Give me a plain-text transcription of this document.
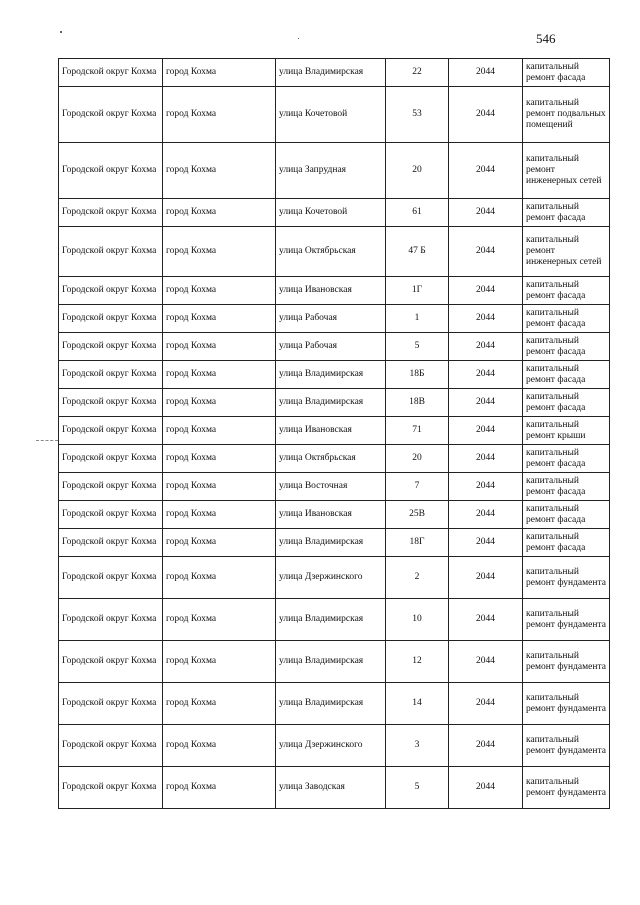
546
Городской округ Кохма	город Кохма	улица Владимирская	22	2044	капитальный ремонт фасада
Городской округ Кохма	город Кохма	улица Кочетовой	53	2044	капитальный ремонт подвальных помещений
Городской округ Кохма	город Кохма	улица Запрудная	20	2044	капитальный ремонт инженерных сетей
Городской округ Кохма	город Кохма	улица Кочетовой	61	2044	капитальный ремонт фасада
Городской округ Кохма	город Кохма	улица Октябрьская	47 Б	2044	капитальный ремонт инженерных сетей
Городской округ Кохма	город Кохма	улица Ивановская	1Г	2044	капитальный ремонт фасада
Городской округ Кохма	город Кохма	улица Рабочая	1	2044	капитальный ремонт фасада
Городской округ Кохма	город Кохма	улица Рабочая	5	2044	капитальный ремонт фасада
Городской округ Кохма	город Кохма	улица Владимирская	18Б	2044	капитальный ремонт фасада
Городской округ Кохма	город Кохма	улица Владимирская	18В	2044	капитальный ремонт фасада
Городской округ Кохма	город Кохма	улица Ивановская	71	2044	капитальный ремонт крыши
Городской округ Кохма	город Кохма	улица Октябрьская	20	2044	капитальный ремонт фасада
Городской округ Кохма	город Кохма	улица Восточная	7	2044	капитальный ремонт фасада
Городской округ Кохма	город Кохма	улица Ивановская	25В	2044	капитальный ремонт фасада
Городской округ Кохма	город Кохма	улица Владимирская	18Г	2044	капитальный ремонт фасада
Городской округ Кохма	город Кохма	улица Дзержинского	2	2044	капитальный ремонт фундамента
Городской округ Кохма	город Кохма	улица Владимирская	10	2044	капитальный ремонт фундамента
Городской округ Кохма	город Кохма	улица Владимирская	12	2044	капитальный ремонт фундамента
Городской округ Кохма	город Кохма	улица Владимирская	14	2044	капитальный ремонт фундамента
Городской округ Кохма	город Кохма	улица Дзержинского	3	2044	капитальный ремонт фундамента
Городской округ Кохма	город Кохма	улица Заводская	5	2044	капитальный ремонт фундамента
